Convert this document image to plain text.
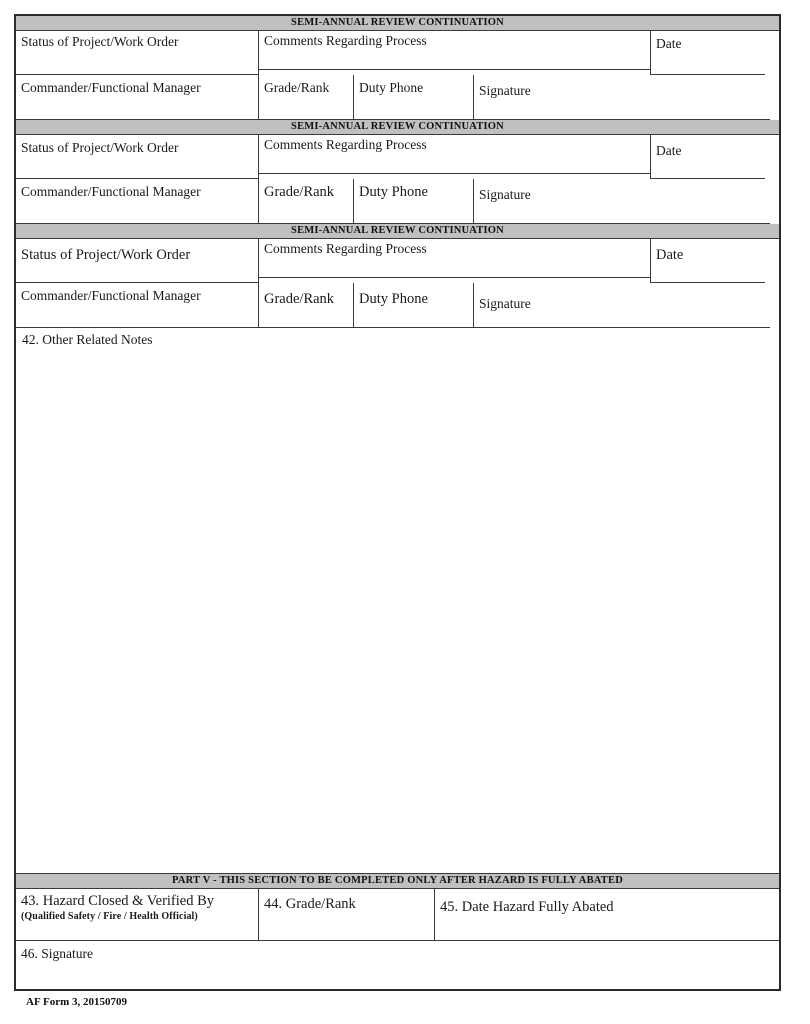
SEMI-ANNUAL REVIEW CONTINUATION
Status of Project/Work Order	Comments Regarding Process	Date
Commander/Functional Manager	Grade/Rank	Duty Phone	Signature
SEMI-ANNUAL REVIEW CONTINUATION
Status of Project/Work Order	Comments Regarding Process	Date
Commander/Functional Manager	Grade/Rank	Duty Phone	Signature
SEMI-ANNUAL REVIEW CONTINUATION
Status of Project/Work Order	Comments Regarding Process	Date
Commander/Functional Manager	Grade/Rank	Duty Phone	Signature
42. Other Related Notes
PART V - THIS SECTION TO BE COMPLETED ONLY AFTER HAZARD IS FULLY ABATED
43. Hazard Closed & Verified By
(Qualified Safety / Fire / Health Official)
44. Grade/Rank	45. Date Hazard Fully Abated
46. Signature
AF Form 3, 20150709
